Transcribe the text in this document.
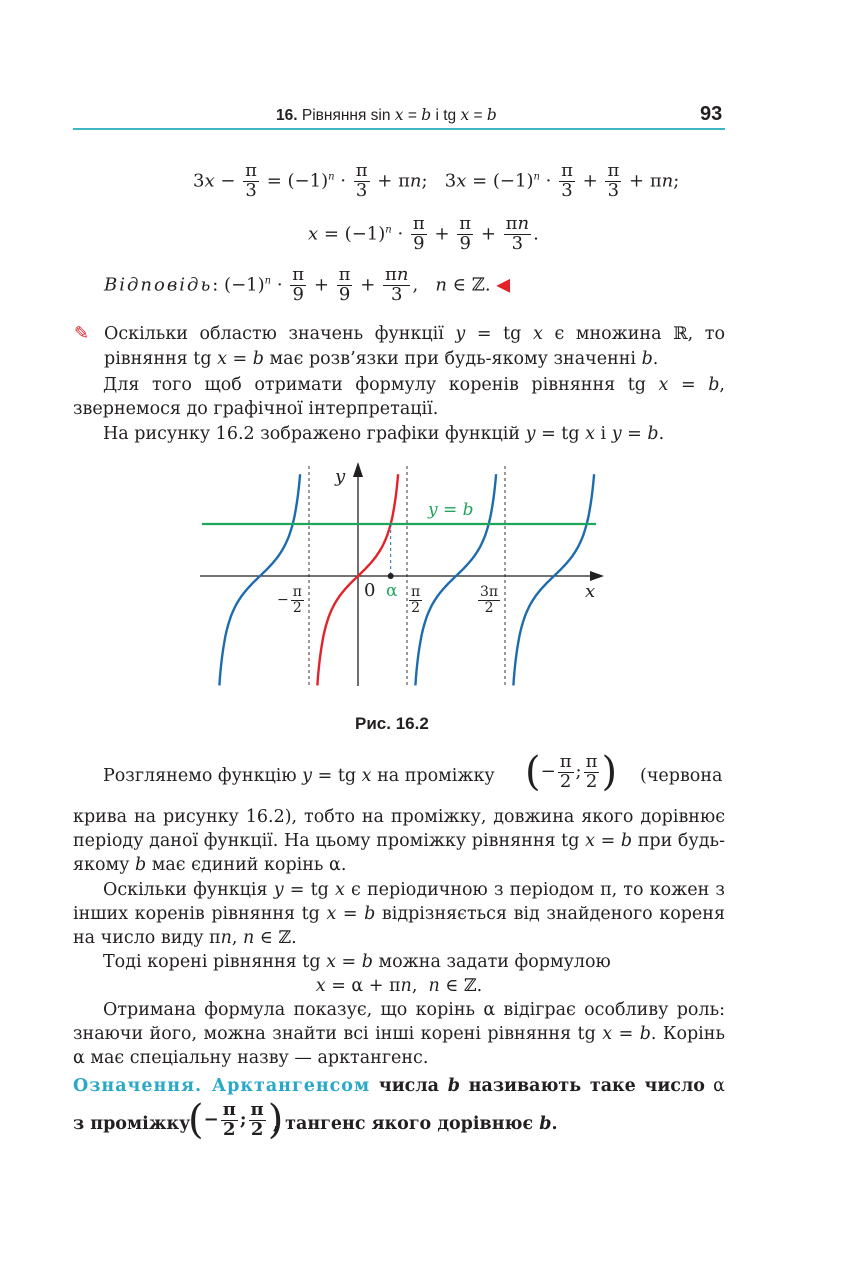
16. Рівняння sin x = b і tg x = b	93
$3x - \frac{\pi}{3} = (-1)^n \cdot \frac{\pi}{3} + \pi n$;   $3x = (-1)^n \cdot \frac{\pi}{3} + \frac{\pi}{3} + \pi n$;
$x = (-1)^n \cdot \frac{\pi}{9} + \frac{\pi}{9} + \frac{\pi n}{3}$ .
Відповідь: $(-1)^n \cdot \frac{\pi}{9} + \frac{\pi}{9} + \frac{\pi n}{3}$ ,   n ∈ ℤ. ◀
✎ Оскільки областю значень функції y = tg x є множина ℝ, то
рівняння tg x = b має розв’язки при будь-якому значенні b.
Для того щоб отримати формулу коренів рівняння tg x = b, звернемося до графічної інтерпретації.
На рисунку 16.2 зображено графіки функцій y = tg x і y = b.
y
x
0 α
y = b
− $\frac{\pi}{2}$	$\frac{\pi}{2}$	$\frac{3\pi}{2}$
Рис. 16.2
Розглянемо функцію y = tg x на проміжку (− $\frac{\pi}{2}$ ; $\frac{\pi}{2}$ ) (червона
крива на рисунку 16.2), тобто на проміжку, довжина якого дорівнює періоду даної функції. На цьому проміжку рівняння tg x = b при будь-якому b має єдиний корінь α.
Оскільки функція y = tg x є періодичною з періодом π, то кожен з інших коренів рівняння tg x = b відрізняється від знайденого кореня на число виду πn, n ∈ ℤ.
Тоді корені рівняння tg x = b можна задати формулою
x = α + πn,  n ∈ ℤ.
Отримана формула показує, що корінь α відіграє особливу роль: знаючи його, можна знайти всі інші корені рівняння tg x = b. Корінь α має спеціальну назву — арктангенс.
Означення. Арктангенсом числа b називають таке число α
з проміжку
(− $\frac{\pi}{2}$ ; $\frac{\pi}{2}$ )
, тангенс якого дорівнює b.
